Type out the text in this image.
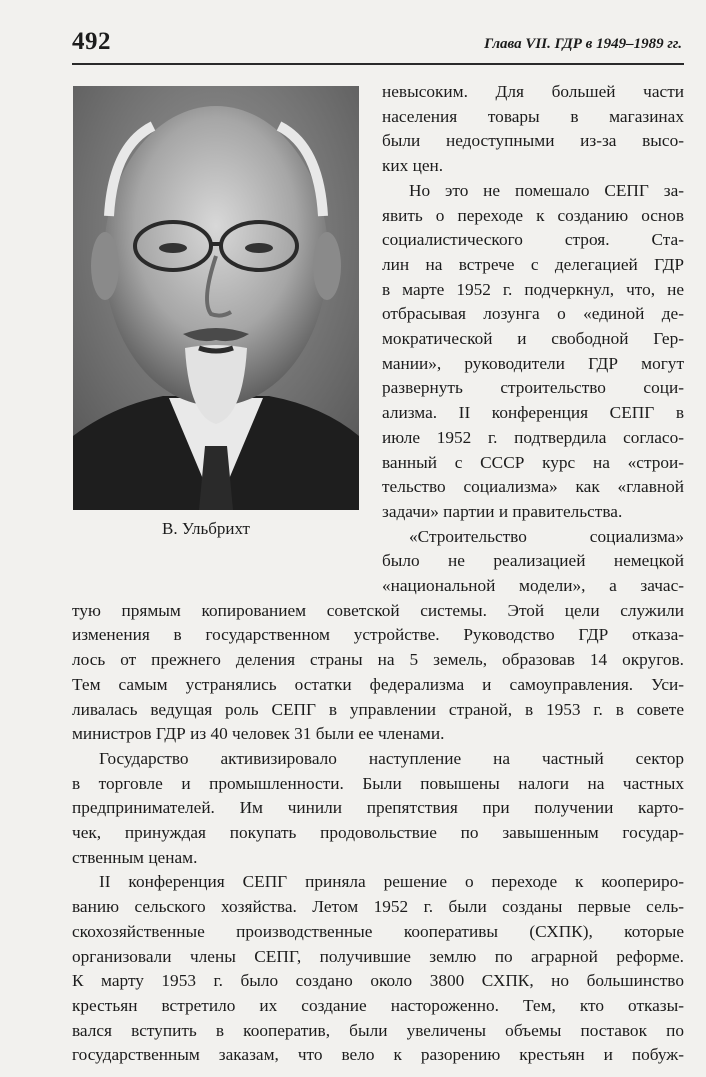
492	Глава VII. ГДР в 1949–1989 гг.
В. Ульбрихт
невысоким. Для большей части
населения товары в магазинах
были недоступными из-за высо-
ких цен.
Но это не помешало СЕПГ за-
явить о переходе к созданию основ
социалистического строя. Ста-
лин на встрече с делегацией ГДР
в марте 1952 г. подчеркнул, что, не
отбрасывая лозунга о «единой де-
мократической и свободной Гер-
мании», руководители ГДР могут
развернуть строительство соци-
ализма. II конференция СЕПГ в
июле 1952 г. подтвердила согласо-
ванный с СССР курс на «строи-
тельство социализма» как «главной
задачи» партии и правительства.
«Строительство социализма»
было не реализацией немецкой
«национальной модели», а зачас-
тую прямым копированием советской системы. Этой цели служили
изменения в государственном устройстве. Руководство ГДР отказа-
лось от прежнего деления страны на 5 земель, образовав 14 округов.
Тем самым устранялись остатки федерализма и самоуправления. Уси-
ливалась ведущая роль СЕПГ в управлении страной, в 1953 г. в совете
министров ГДР из 40 человек 31 были ее членами.
Государство активизировало наступление на частный сектор
в торговле и промышленности. Были повышены налоги на частных
предпринимателей. Им чинили препятствия при получении карто-
чек, принуждая покупать продовольствие по завышенным государ-
ственным ценам.
II конференция СЕПГ приняла решение о переходе к коопериро-
ванию сельского хозяйства. Летом 1952 г. были созданы первые сель-
скохозяйственные производственные кооперативы (СХПК), которые
организовали члены СЕПГ, получившие землю по аграрной реформе.
К марту 1953 г. было создано около 3800 СХПК, но большинство
крестьян встретило их создание настороженно. Тем, кто отказы-
вался вступить в кооператив, были увеличены объемы поставок по
государственным заказам, что вело к разорению крестьян и побуж-
